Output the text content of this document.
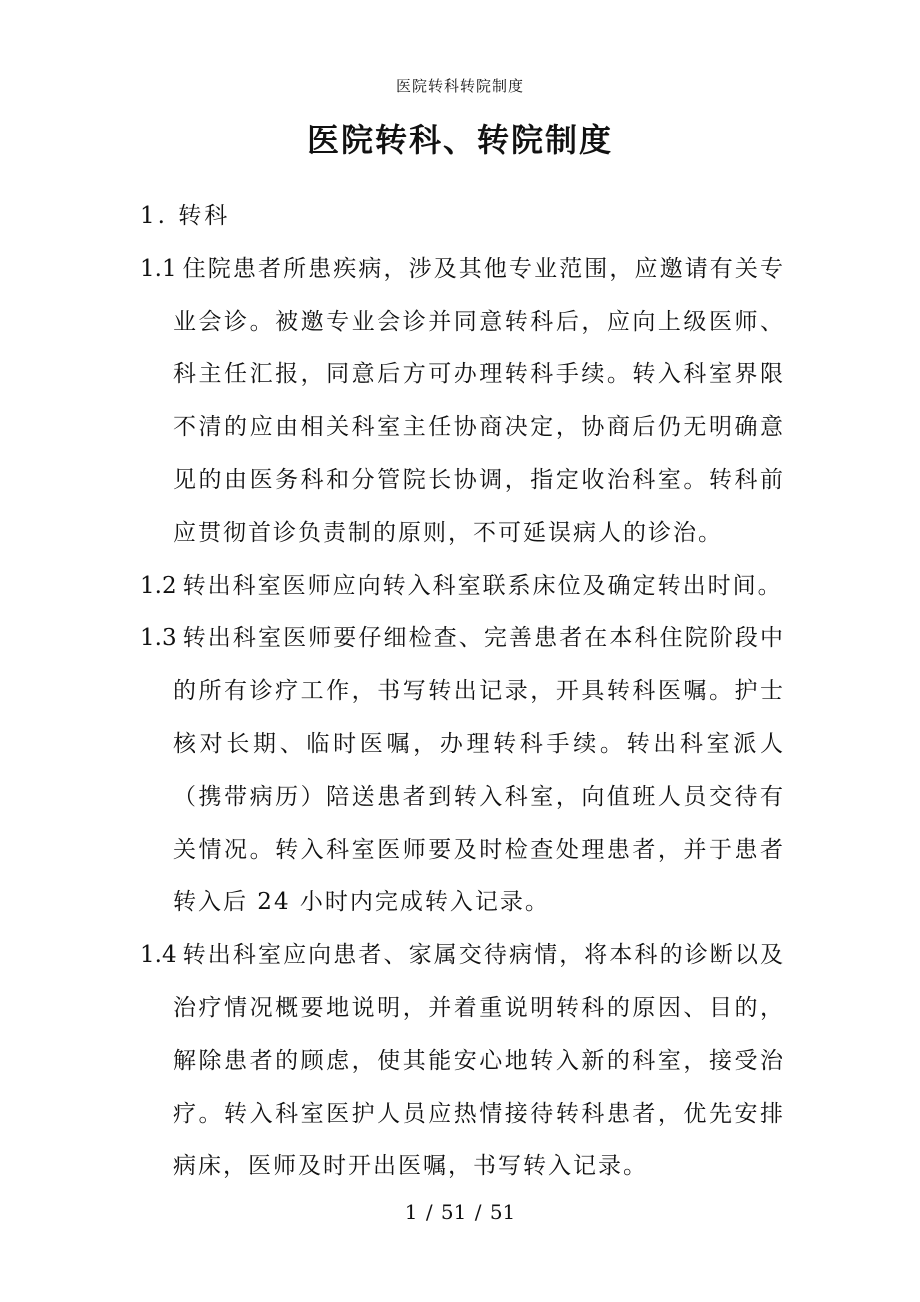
医院转科转院制度
医院转科、转院制度

1. 转科

1.1 住院患者所患疾病，涉及其他专业范围，应邀请有关专业会诊。被邀专业会诊并同意转科后，应向上级医师、科主任汇报，同意后方可办理转科手续。转入科室界限不清的应由相关科室主任协商决定，协商后仍无明确意见的由医务科和分管院长协调，指定收治科室。转科前应贯彻首诊负责制的原则，不可延误病人的诊治。

1.2 转出科室医师应向转入科室联系床位及确定转出时间。

1.3 转出科室医师要仔细检查、完善患者在本科住院阶段中的所有诊疗工作，书写转出记录，开具转科医嘱。护士核对长期、临时医嘱，办理转科手续。转出科室派人（携带病历）陪送患者到转入科室，向值班人员交待有关情况。转入科室医师要及时检查处理患者，并于患者转入后 24 小时内完成转入记录。

1.4 转出科室应向患者、家属交待病情，将本科的诊断以及治疗情况概要地说明，并着重说明转科的原因、目的，解除患者的顾虑，使其能安心地转入新的科室，接受治疗。转入科室医护人员应热情接待转科患者，优先安排病床，医师及时开出医嘱，书写转入记录。

1 / 51 / 51
